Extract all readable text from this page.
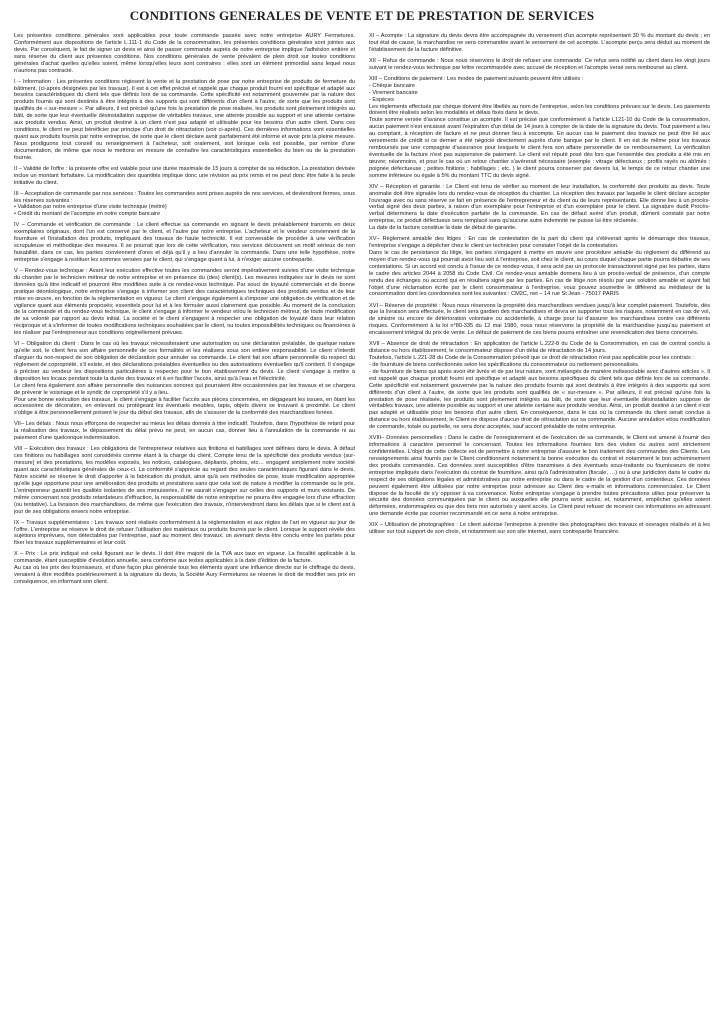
CONDITIONS GENERALES DE VENTE ET DE PRESTATION DE SERVICES

Les présentes conditions générales sont applicables pour toute commande passée avec notre entreprise AURY Fermetures. Conformément aux dispositions de l'article L.111-1 du Code de la consommation, les présentes conditions générales sont jointes aux devis. Par conséquent, le fait de signer un devis et ainsi de passer commande auprès de notre entreprise implique l'adhésion entière et sans réserve du client aux présentes conditions. Nos conditions générales de vente prévalent de plein droit sur toutes conditions générales d'achat quelles qu'elles soient, même lorsqu'elles leurs sont contraires : elles sont un élément primordial sans lequel nous n'aurions pas contracté.

I – Information : Les présentes conditions régissent la vente et la prestation de pose par notre entreprise de produits de fermeture du bâtiment, (ci-après désignées par les travaux). Il est à cet effet précisé et rappelé que chaque produit fourni est spécifique et adapté aux besoins caractéristiques du client tels que définis lors de sa commande. Cette spécificité est notamment gouvernée par la nature des produits fournis qui sont destinés à être intégrés à des supports qui sont différents d'un client à l'autre, de sorte que les produits sont qualifiés de « sur-mesure ». Par ailleurs, il est précisé qu'une fois la prestation de pose réalisée, les produits sont pleinement intégrés au bâti, de sorte que leur éventuelle désinstallation suppose de véritables travaux, une atteinte possible au support et une atteinte certaine aux produits vendus. Ainsi, un produit destiné à un client n'est pas adapté et utilisable pour les besoins d'un autre client. Dans ces conditions, le client ne peut bénéficier par principe d'un droit de rétractation (voir ci-après). Ces dernières informations sont essentielles quant aux produits fournis par notre entreprise, de sorte que le client déclare avoir parfaitement été informé et avoir pris la pleine mesure. Nous prodiguons tout conseil ou renseignement à l'acheteur, soit oralement, soit lorsque cela est possible, par remise d'une documentation, de même que nous le mettons en mesure de connaître les caractéristiques essentielles du bien ou de la prestation fournie.

II – Validité de l'offre : la présente offre est valable pour une durée maximale de 15 jours à compter de sa rédaction. La prestation devisée inclue un montant forfaitaire. La modification des quantités implique donc une révision au prix remis et ne peut donc être faite à la seule initiative du client.

III – Acceptation de commande par nos services : Toutes les commandes sont prises auprès de nos services, et deviendront fermes, sous les réserves suivantes :

• Validation par notre entreprise d'une visite technique (métré)

• Crédit du montant de l'acompte en notre compte bancaire

IV – Commande et vérification de commande : Le client effectue sa commande en signant le devis préalablement transmis en deux exemplaires originaux, dont l'un est conservé par le client, et l'autre par notre entreprise. L'acheteur et le vendeur conviennent de la fourniture et l'installation des produits, impliquant des travaux de haute technicité. Il est convenable de procéder à une vérification scrupuleuse et méthodique des mesures. Il se pourrait que lors de cette vérification, nos services découvrent un motif sérieux de non faisabilité, dans ce cas, les parties conviennent d'ores et déjà qu'il y a lieu d'annuler la commande. Dans une telle hypothèse, notre entreprise s'engage à restituer les sommes versées par le client, qui s'engage quant à lui, à n'exiger aucune contrepartie.

V – Rendez-vous technique : Avant leur exécution effective toutes les commandes seront impérativement suivies d'une visite technique du chantier par le technicien métreur de notre entreprise et en présence du (des) client(s). Les mesures indiquées sur le devis ne sont données qu'à titre indicatif et pourront être modifiées suite à ce rendez-vous technique. Par souci de loyauté commerciale et de bonne pratique déontologique, notre entreprise s'engage à informer son client des caractéristiques techniques des produits vendus et de leur mise en œuvre, en fonction de la réglementation en vigueur. Le client s'engage également à s'imposer une obligation de vérification et de vigilance quant aux éléments proposés; essentiels pour lui et à les formuler aussi clairement que possible. Au moment de la conclusion de la commande et du rendez-vous technique, le client s'engage à informer le vendeur et/ou le technicien métreur, de toute modification de sa volonté par rapport au devis initial. La société et le client s'engagent à respecter une obligation de loyauté dans leur relation réciproque et à s'informer de toutes modifications techniques souhaitées par le client, ou toutes impossibilités techniques ou financières à les réaliser par l'entrepreneur aux conditions originellement prévues.

VI – Obligation du client : Dans le cas où les travaux nécessiteraient une autorisation ou une déclaration préalable, de quelque nature qu'elle soit, le client fera son affaire personnelle de ces formalités et les réalisera sous son entière responsabilité. Le client s'interdit d'arguer du non-respect de son obligation de déclaration pour annuler sa commande. Le client fait son affaire personnelle du respect du règlement de copropriété, s'il existe, et des déclarations préalables éventuelles ou des autorisations éventuelles qu'il contient. Il s'engage à préciser au vendeur les dispositions particulières à respecter pour le bon établissement du devis. Le client s'engage à mettre à disposition les locaux pendant toute la durée des travaux et à en faciliter l'accès, ainsi qu'à l'eau et l'électricité.

Le client fera également son affaire personnelle des nuisances sonores qui pourraient être occasionnées par les travaux et se chargera de prévenir le voisinage et le syndic de copropriété s'il y a lieu.

Pour une bonne exécution des travaux, le client s'engage à faciliter l'accès aux pièces concernées, en dégageant les issues, en ôtant les accessoires de décoration, en enlevant ou protégeant les éventuels meubles, tapis, objets divers se trouvant à proximité. Le client s'oblige à être personnellement présent le jour du début des travaux, afin de s'assurer de la conformité des marchandises livrées.

VII– Les délais : Nous nous efforçons de respecter au mieux les délais donnés à titre indicatif. Toutefois, dans l'hypothèse de retard pour la réalisation des travaux, le dépassement du délai prévu ne peut, en aucun cas, donner lieu à l'annulation de la commande ni au paiement d'une quelconque indemnisation.

VIII – Exécution des travaux : Les obligations de l'entrepreneur relatives aux finitions et habillages sont définies dans le devis. À défaut ces finitions ou habillages sont considérés comme étant à la charge du client. Compte tenu de la spécificité des produits vendus (sur-mesure) et des prestations, les modèles exposés, les notices, catalogues, dépliants, photos, etc… engagent simplement notre société quant aux caractéristiques générales de ceux-ci. La conformité s'apprécie au regard des seules caractéristiques figurant dans le devis. Notre société se réserve le droit d'apporter à la fabrication du produit, ainsi qu'à ses méthodes de pose, toute modification appropriée qu'elle juge opportune pour une amélioration des produits et prestations sans que cela soit de nature à modifier la commande ou le prix. L'entrepreneur garantit les qualités isolantes de ses menuiseries, il ne saurait s'engager sur celles des supports et murs existants. De même concernant nos produits retardateurs d'effraction, la responsabilité de notre entreprise ne pourra être engagée lors d'une effraction (ou tentative). La livraison des marchandises, de même que l'exécution des travaux, n'interviendront dans les délais que si le client est à jour de ses obligations envers notre entreprise.

IX – Travaux supplémentaires : Les travaux sont réalisés conformément à la réglementation et aux règles de l'art en vigueur au jour de l'offre. L'entreprise se réserve le droit de refuser l'utilisation des matériaux ou produits fournis par le client. Lorsque le support révèle des sujétions imprévues, non détectables par l'entreprise, sauf au moment des travaux, un avenant devra être conclu entre les parties pour fixer les travaux supplémentaires et leur coût.

X – Prix : Le prix indiqué est celui figurant sur le devis. Il doit être majoré de la TVA aux taux en vigueur. La fiscalité applicable à la commande, étant susceptible d'évolution annuelle, sera conforme aux textes applicables à la date d'édition de la facture.

Au cas où les prix des fournisseurs, et d'une façon plus générale tous les éléments ayant une influence directe sur le chiffrage du devis, venaient à être modifiés postérieurement à la signature du devis, la Société Aury Fermetures se réserve le droit de modifier ses prix en conséquence, en informant son client.

XI – Acompte : La signature du devis devra être accompagnée du versement d'un acompte représentant 30 % du montant du devis ; en tout état de cause, la marchandise ne sera commandée avant le versement de cet acompte. L'acompte perçu sera déduit au moment de l'établissement de la facture définitive.

XII – Refus de commande : Nous nous réservons le droit de refuser une commande. Ce refus sera notifié au client dans les vingt jours suivant le rendez-vous technique par lettre recommandée avec accusé de réception et l'acompte versé sera remboursé au client.

XIII – Conditions de paiement : Les modes de paiement suivants peuvent être utilisés :

- Chèque bancaire

- Virement bancaire

- Espèces

Les règlements effectués par chèque doivent être libellés au nom de l'entreprise, selon les conditions prévues sur le devis. Les paiements doivent être réalisés selon les modalités et délais fixés dans le devis.

Toute somme versée d'avance constitue un acompte. Il est précisé que conformément à l'article L121-10 du Code de la consommation, aucun paiement n'est encaissé avant l'expiration d'un délai de 14 jours à compter de la date de la signature du devis. Tout paiement a lieu au comptant, à réception de facture et ne peut donner lieu à escompte. En aucun cas le paiement des travaux ne peut être lié aux versements de crédit si ce dernier a été négocié directement auprès d'une banque par le client. Il en est de même pour les travaux remboursés par une compagnie d'assurance pour lesquels le client fera son affaire personnelle de ce remboursement. La vérification éventuelle de la facture n'est pas suspensive de paiement. Le client est réputé posé dès lors que l'ensemble des produits a été mis en œuvre; néanmoins, et pour le cas où un retour chantier s'avérerait nécessaire (exemple : vitrage défectueux ; profils rayés ou abîmés ; poignée défectueuse ; petites finitions ; habillages ; etc. ) le client pourra conserver par devers lui, le temps de ce retour chantier une somme inférieure ou égale à 5% du montant TTC du devis signé.

XIV – Réception et garantie : Le Client est tenu de vérifier au moment de leur installation, la conformité des produits au devis. Toute anomalie doit être signalée lors du rendez-vous de réception du chantier. La réception des travaux par laquelle le client déclare accepter l'ouvrage avec ou sans réserve se fait en présence de l'entrepreneur et du client ou de leurs représentants. Elle donne lieu à un procès-verbal signé des deux parties, à raison d'un exemplaire pour l'entreprise et d'un exemplaire pour le client. La signature dudit Procès-verbal déterminera la date d'exécution parfaite de la commande. En cas de défaut avéré d'un produit, dûment constaté par notre entreprise, ce produit défectueux sera remplacé sans qu'aucune autre indemnité ne puisse lui être réclamée.

La date de la facture constitue la date de début de garantie.

XV– Règlement amiable des litiges : En cas de contestation de la part du client qui s'élèverait après le démarrage des travaux, l'entreprise s'engage à dépêcher chez le client un technicien pour constater l'objet de la contestation.

Dans le cas de persistance du litige, les parties s'engagent à mettre en œuvre une procédure amiable du règlement du différend au moyen d'un rendez-vous qui pourrait avoir lieu soit à l'entreprise, soit chez le client, au cours duquel chaque partie pourra débattre de ses contestations. Si un accord est conclu à l'issue de ce rendez-vous, il sera acté par un protocole transactionnel signé par les parties, dans le cadre des articles 2044 à 2058 du Code Civil. Ce rendez-vous amiable donnera lieu à un procès-verbal de présence, d'un compte rendu des échanges ou accord qui en résultera signé par les parties. En cas de litige non résolu par une solution amiable et ayant fait l'objet d'une réclamation écrite par le client consommateur à l'entreprise, vous pouvez soumettre le différend au médiateur de la consommation dont les coordonnées sont les suivantes : CM2C, net – 14 rue St Jean - 75017 PARIS

XVI – Réserve de propriété : Nous nous réservons la propriété des marchandises vendues jusqu'à leur complet paiement. Toutefois, dès que la livraison sera effectuée, le client sera gardien des marchandises et devra en supporter tous les risques, notamment en cas de vol, de sinistre ou encore de détérioration volontaire ou accidentelle, à charge pour lui d'assurer les marchandises contre ces différents risques. Conformément à la loi n°80-335 du 12 mai 1980, nous nous réservons la propriété de la marchandise jusqu'au paiement et encaissement intégral du prix de vente. Le défaut de paiement de ces biens pourra entraîner une revendication des biens concernés.

XVII – Absence de droit de rétractation : En application de l'article L.222-8 du Code de la Consommation, en cas de contrat conclu à distance ou hors établissement, le consommateur dispose d'un délai de rétractation de 14 jours.

Toutefois, l'article L.221-28 du Code de la Consommation prévoit que ce droit de rétractation n'est pas applicable pour les contrats :

- de fourniture de biens confectionnés selon les spécifications du consommateur ou nettement personnalisés.

- de fourniture de biens qui après avoir été livrés et de par leur nature, sont mélangés de manière indissociable avec d'autres articles ». Il est rappelé que chaque produit fourni est spécifique et adapté aux besoins spécifiques du client tels que définis lors de sa commande. Cette spécificité est notamment gouvernée par la nature des produits fournis qui sont destinés à être intégrés à des supports qui sont différents d'un client à l'autre, de sorte que les produits sont qualifiés de « sur-mesure ». Par ailleurs, il est précisé qu'une fois la prestation de pose réalisée, les produits sont pleinement intégrés au bâti, de sorte que leur éventuelle désinstallation suppose de véritables travaux, une atteinte possible au support et une atteinte certaine aux produits vendus. Ainsi, un produit destiné à un client n'est pas adapté et utilisable pour les besoins d'un autre client. En conséquence, dans le cas où la commande du client serait conclue à distance ou hors établissement, le Client ne dispose d'aucun droit de rétractation sur sa commande. Aucune annulation et/ou modification de commande, totale ou partielle, ne sera donc acceptée, sauf accord préalable de notre entreprise.

XVIII– Données personnelles : Dans le cadre de l'enregistrement et de l'exécution de sa commande, le Client est amené à fournir des informations à caractère personnel le concernant. Toutes les informations fournies lors des visites ou autres sont strictement confidentielles. L'objet de cette collecte est de permettre à notre entreprise d'assurer le bon traitement des commandes des Clients. Les renseignements ainsi fournis par le Client conditionnent notamment la bonne exécution du contrat et notamment le bon acheminement des produits commandés. Ces données sont susceptibles d'être transmises à des éventuels sous-traitants ou fournisseurs de notre entreprise impliqués dans l'exécution du contrat de fourniture, ainsi qu'à l'administration (fiscale, …) ou à une juridiction dans le cadre du respect de ses obligations légales et administratives par notre entreprise ou dans le cadre de la gestion d'un contentieux. Ces données peuvent également être utilisées par notre entreprise pour adresser au Client des e-mails et informations commerciales. Le Client dispose de la faculté de s'y opposer à sa convenance. Notre entreprise s'engage à prendre toutes précautions utiles pour préserver la sécurité des données communiquées par le client ou auxquelles elle pourra avoir accès, et, notamment, empêcher qu'elles soient déformées, endommagées ou que des tiers non autorisés y aient accès. Le Client peut refuser de recevoir ces informations en adressant une demande écrite par courrier recommandé en ce sens à notre entreprise.

XIX – Utilisation de photographies : Le client autorise l'entreprise à prendre des photographies des travaux et ouvrages réalisés et à les utiliser sur tout support de son choix, et notamment sur son site internet, sans contrepartie financière.
